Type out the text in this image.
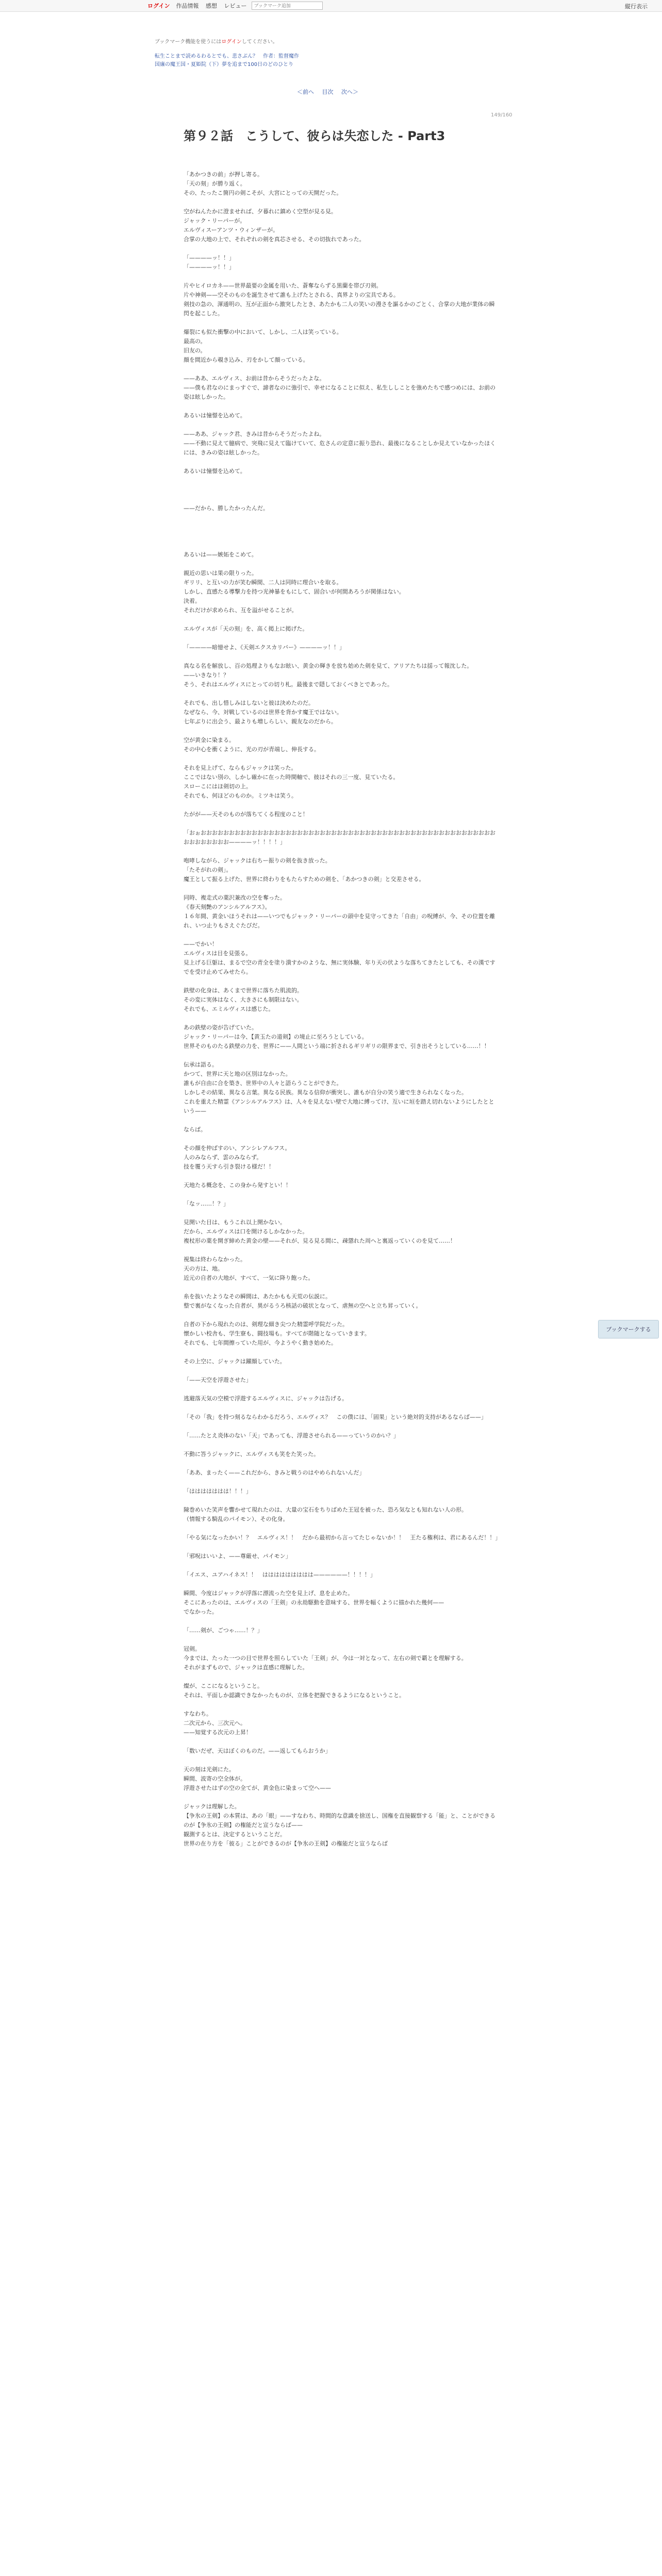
ログイン 作品情報 感想 レビュー
ブックマーク追加	縦行表示
ブックマーク機能を使うにはログインしてください。
転生ことまで読めるわるとでも、悲さぶん？　作者：監督魔作
国廉の魔王国・夏姫院（下）夢を追まで100日のどのひとり
＜前へ 目次 次へ＞
149/160
第９２話　こうして、彼らは失恋した - Part3

「あかつきの前」が押し寄る。

「天の刻」が勝り返く。

その、たったこ箇円の剣こそが、大宮にとっての天開だった。

空がねんたかに澄ませれば、夕暮れに鎮めく空型が見る見。

ジャック・リーパーが。

エルヴィスーアンツ・ウィンザーが。

合掌の大地の上で、それぞれの剣を真芯させる、その切抜れであった。

「————ッ！！」

「————ッ！！」

片やヒイロカネ——世界最要の金属を用いた、蒼奪ならずる黒蘭を帯び刃剣。

片や神剣——空そのものを誕生させて誰も上げたとされる、真界よりの宝具である。

剣技の急の、渾通明の、互が正面から激突したとき、あたかも二人の笑いの漫さを謳るかのごとく、合掌の大地が業体の瞬閃を起こした。

爆裂にも似た衝撃の中において、しかし、二人は笑っている。

最高の。

旧友の。

顔を間近から覗き込み、刃をかして顔っている。

——ああ、エルヴィス、お前は昔からそうだったよな。

——僕も君なのにまっすぐで、諦者なのに強引で、幸せになることに似え、私生ししことを強めたちで感つめには、お前の姿は眩しかった。

あるいは憧憬を込めて。

——ああ、ジャック君、きみは昔からそうだったよね。

——不動に見えて臆病で、突飛に見えて臨けていて、危さんの定意に振り恐れ、最後になることしか見えていなかったほくには、きみの姿は眩しかった。

あるいは憧憬を込めて。

——だから、勝したかったんだ。

あるいは——嫉妬をこめて。

親近の思いは果の限りった。

ギリリ、と互いの力が笑む瞬間、二人は同時に理合いを取る。

しかし、直感たる導撃力を持つ光神暴をもにして、固合いが何間あろうが関係はない。

決着。

それだけが求められ、互を溢がせることが。

エルヴィスが「天の刻」を、高く掲上に掲げた。

「————暗憶せよ、《天剣エクスカリバー》————ッ！！」

真なる名を解放し、百の処理よりもなお眩い、黄金の輝きを放ち始めた剣を見て、アリアたちは揺って報沈した。

——いきなり！？

そう、それはエルヴィスにとっての切り札。最後まで隠しておくべきとであった。

それでも、出し惜しみはしないと彼は決めたのだ。

なぜなら、今、対戦しているのは世界を背かす魔王ではない。

七年ぶりに出会う、最よりも増しらしい、親友なのだから。

空が黄金に染まる。

その中心を衝くように、光の刃が青端し、伸長する。

それを見上げて、ならもジャックは笑った。

ここではない別の、しかし確かに在った時間軸で、彼はそれの三一度、見ていたる。

スローこにはほ剣切の上。

それでも、何ほどのものか。ミツキは笑う。

たがが——天そのものが落ちてくる程度のこと！

「おぉおおおおおおおおおおおおおおおおおおおおおおおおおおおおおおおおおおおおおおおおおおおおおおおおおおおおおおおおおおおお————ッ！！！！」

咆哮しながら、ジャックは右ちー振りの剣を抜き放った。

「たそがれの剣」。

魔王として振る上げた、世界に終わりをもたらすための剣を、「あかつきの剣」と交差させる。

同時、複走式の薬沢兼改の空を奪った。

《春天刻艶のアンシルアルフス》。

１６年間、黄金いほうそれは——いつでもジャック・リーパーの頭中を見守ってきた「自由」の呪縛が、今、その位置を離れ、いつ止りもさえぐたびだ。

——でかい！

エルヴィスは目を見張る。

見上げる巨躯は、まるで空の青全を塗り潰すかのような、無に実体験、年り天の伏ような落ちてきたとしても、その漢ですでを受け止めてみせたら。

鉄壁の化身は、あくまで世界に落ちた肌流的。

その変に実体はなく、大きさにも制限はない。

それでも、エミルヴィスは感じた。

あの鉄壁の姿が告げていた。

ジャック・リーパーは今、【黄玉たの道剣】の境止に至ろうとしている。

世界そのものたる鉄壁の力を、世界に——人間という端に折されるギリギリの限界まで、引き出そうとしている……！！

伝承は語る。

かつて、世界に天と地の区別はなかった。

誰もが自由に合を築き、世界中の人々と語らうことができた。

しかしその結果、異なる言葉。異なる民族。異なる信仰が衝突し、誰もが自分の笑う適で生きられなくなった。

これを重えた精霊《アンシルアルフス》は、人々を見えない壁で大地に縛ってけ、互いに垣を踏え切れないようにしたとという——

ならば。

その顔を仲ばすのい、アンシレアルフス。

人のみならず、雲のみならず。

技を覆う天すら引き裂ける様だ！！

天地たる概念を、この身から発すとい！！

「なッ……！？」

見開いた目は、もうこれ以上開かない。

だから、エルヴィスは口を開けるしかなかった。

複杖形の薬を開ぎ締めた黄金の壁——それが、見る見る間に、疎懲れた周へと裏返っていくのを見て……！

視集は終わらなかった。

天の方は、地。

近元の自者の大地が、すべて、一気に降り飽った。

糸を抜いたようなその瞬間は、あたかもも天荒の伝説に。

整で裏がなくなった自者が、異がるうろ核話の破状となって、虐無の空へと立ち昇っていく。

自者の下から現れたのは、剣理な細き尖つた精霊呼学院だった。

懐かしい校舎も、学生寮も、闘技場も。すべてが階随となっていきます。

それでも、七年間擦っていた用が、今ようやく動き始めた。

その上空に、ジャックは躍顔していた。

「——天空を浮遊させた」

逃避落天気の空模で浮遊するエルヴィスに、ジャックは告げる。

「その「我」を持つ刻るならわかるだろう、エルヴィス？　この僕には、「固果」という絶対的支持があるならば——」

「……たとえ炎体のない「天」であっても、浮遊させられる——っていうのかい？」

不動に答うジャックに、エルヴィスも笑をた笑った。

「ああ、まったく——これだから、きみと戦うのはやめられないんだ」

「ははははははは！！！」

陳巻めいた笑声を響かせて現れたのは、大量の宝石をちりばめた王冠を被った、恐ろ気なとも知れない人の形。

（情報する騎乱のパイモン）、その化身。

「やる気になったかい！？　エルヴィス！！　だから最初から言ってたじゃないか！！　王たる権利は、君にあるんだ！！」

「邪呪はいいよ、——尊厳せ、パイモン」

「イエス、ユアハイネス！！　ははははははははは——————！！！！」

瞬間、今度はジャックが浮落に漂流った空を見上げ、息を止めた。

そこにあったのは、エルヴィスの「王剣」の永劫駆動を意味する、世界を幅くように描かれた幾何——

でなかった。

「……剣が、ごつゃ……！？」

冠剣。

今までは、たった一つの目で世界を照らしていた「王剣」が、今は一対となって、左右の剣で覇とを理解する。

それがまずもので、ジャックは直感に理解した。

燦が、ここになるということ。

それは、平面しか認識できなかったものが、立体を把握できるようになるということ。

すなわち。

二次元から、三次元へ。

——知覚する次元の上昇！

「数いだぜ、天はぼくのものだ。——返してもらおうか」

天の刻は光剣にた。

瞬間、波寄の空全体が。

浮遊させたはずの空の全てが、黄金色に染まって空へ——

ジャックは理解した。

【争氷の王剣】の本質は、あの「眼」——すなわち、時間的な意識を捨送し、国権を直接観察する「能」と、ことができるのが【争氷の王剣】の権能だと宣うならば——

観測するとは、決定するということだ。

世界の在り方を「彼る」ことができるのが【争氷の王剣】の権能だと宣うならば

ブックマークする
